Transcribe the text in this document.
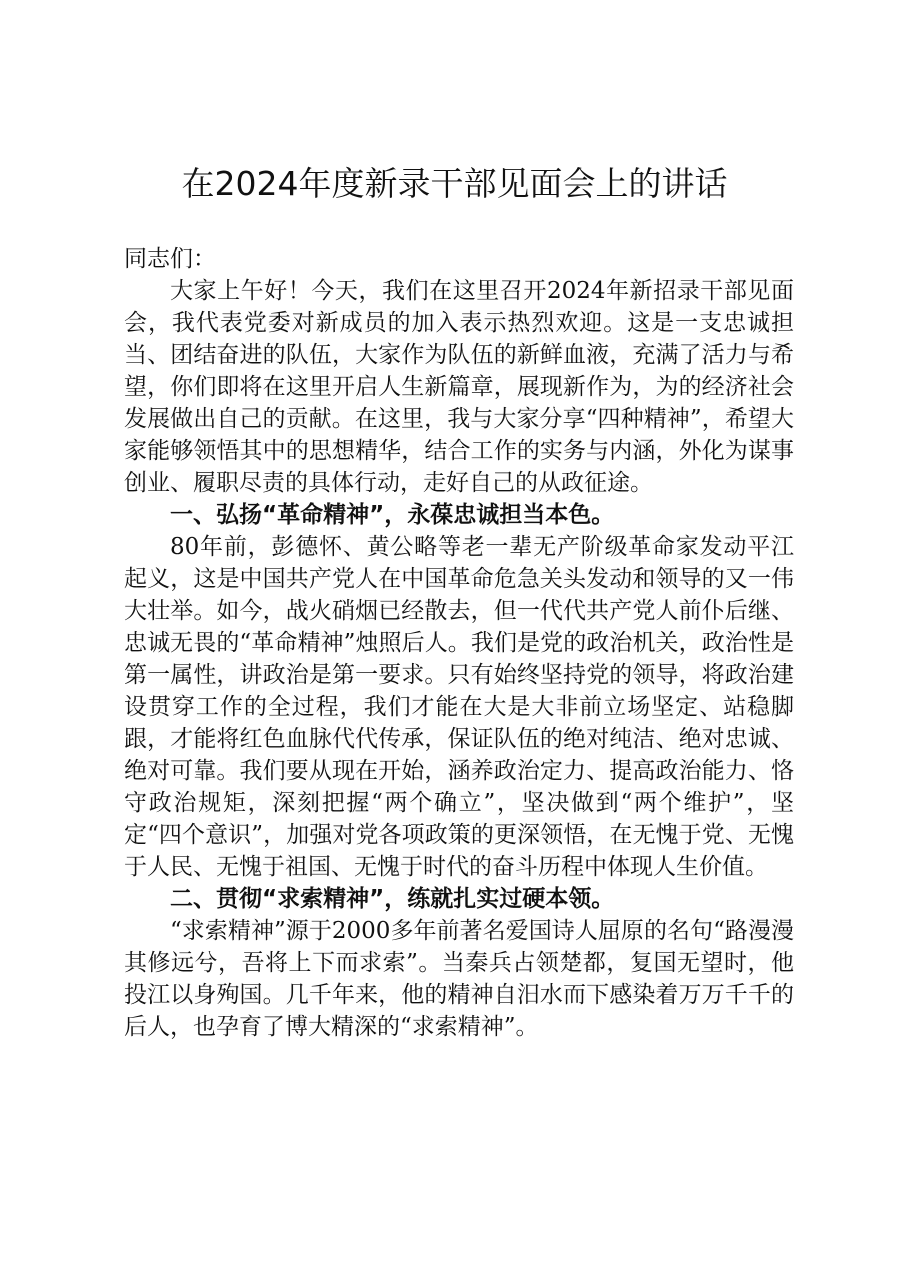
在2024年度新录干部见面会上的讲话

同志们：

大家上午好！今天，我们在这里召开2024年新招录干部见面会，我代表党委对新成员的加入表示热烈欢迎。这是一支忠诚担当、团结奋进的队伍，大家作为队伍的新鲜血液，充满了活力与希望，你们即将在这里开启人生新篇章，展现新作为，为的经济社会发展做出自己的贡献。在这里，我与大家分享“四种精神”，希望大家能够领悟其中的思想精华，结合工作的实务与内涵，外化为谋事创业、履职尽责的具体行动，走好自己的从政征途。

一、弘扬“革命精神”，永葆忠诚担当本色。

80年前，彭德怀、黄公略等老一辈无产阶级革命家发动平江起义，这是中国共产党人在中国革命危急关头发动和领导的又一伟大壮举。如今，战火硝烟已经散去，但一代代共产党人前仆后继、忠诚无畏的“革命精神”烛照后人。我们是党的政治机关，政治性是第一属性，讲政治是第一要求。只有始终坚持党的领导，将政治建设贯穿工作的全过程，我们才能在大是大非前立场坚定、站稳脚跟，才能将红色血脉代代传承，保证队伍的绝对纯洁、绝对忠诚、绝对可靠。我们要从现在开始，涵养政治定力、提高政治能力、恪守政治规矩，深刻把握“两个确立”，坚决做到“两个维护”，坚定“四个意识”，加强对党各项政策的更深领悟，在无愧于党、无愧于人民、无愧于祖国、无愧于时代的奋斗历程中体现人生价值。

二、贯彻“求索精神”，练就扎实过硬本领。

“求索精神”源于2000多年前著名爱国诗人屈原的名句“路漫漫其修远兮，吾将上下而求索”。当秦兵占领楚都，复国无望时，他投江以身殉国。几千年来，他的精神自汨水而下感染着万万千千的后人，也孕育了博大精深的“求索精神”。
